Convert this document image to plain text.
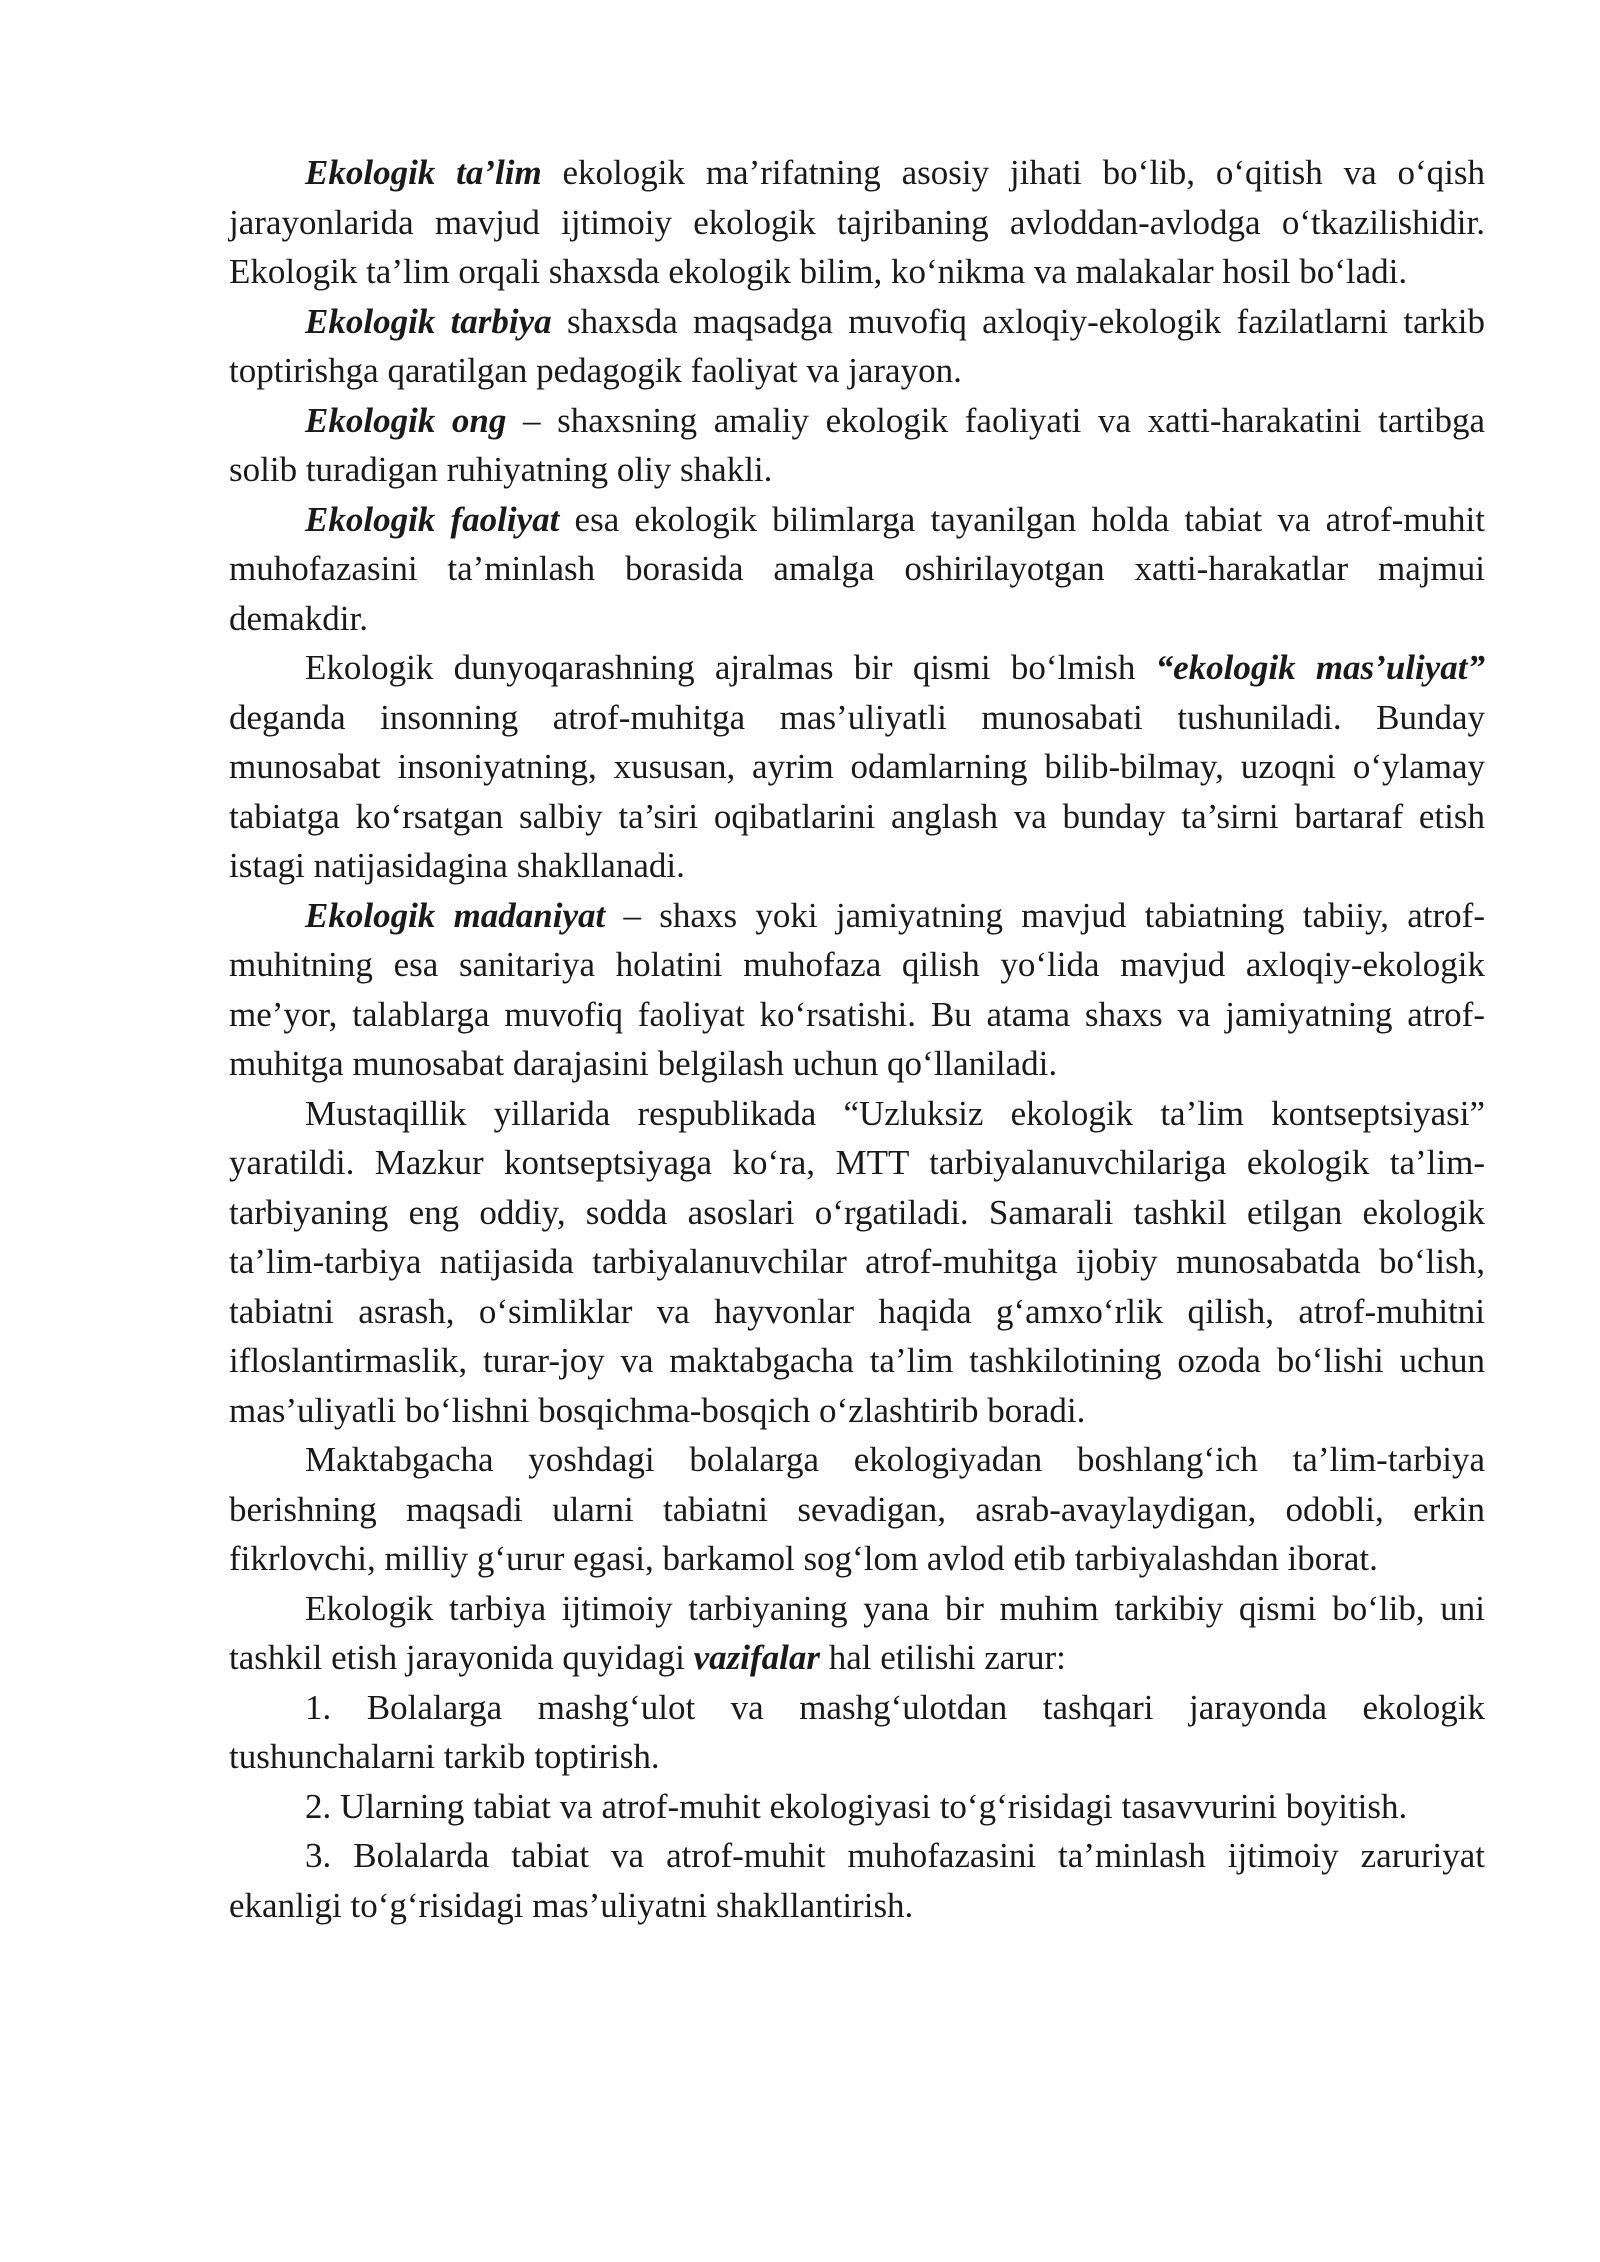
Ekologik ta’lim ekologik ma’rifatning asosiy jihati bo‘lib, o‘qitish va o‘qish jarayonlarida mavjud ijtimoiy ekologik tajribaning avloddan-avlodga o‘tkazilishidir. Ekologik ta’lim orqali shaxsda ekologik bilim, ko‘nikma va malakalar hosil bo‘ladi.

Ekologik tarbiya shaxsda maqsadga muvofiq axloqiy-ekologik fazilatlarni tarkib toptirishga qaratilgan pedagogik faoliyat va jarayon.

Ekologik ong – shaxsning amaliy ekologik faoliyati va xatti-harakatini tartibga solib turadigan ruhiyatning oliy shakli.

Ekologik faoliyat esa ekologik bilimlarga tayanilgan holda tabiat va atrof-muhit muhofazasini ta’minlash borasida amalga oshirilayotgan xatti-harakatlar majmui demakdir.

Ekologik dunyoqarashning ajralmas bir qismi bo‘lmish “ekologik mas’uliyat” deganda insonning atrof-muhitga mas’uliyatli munosabati tushuniladi. Bunday munosabat insoniyatning, xususan, ayrim odamlarning bilib-bilmay, uzoqni o‘ylamay tabiatga ko‘rsatgan salbiy ta’siri oqibatlarini anglash va bunday ta’sirni bartaraf etish istagi natijasidagina shakllanadi.

Ekologik madaniyat – shaxs yoki jamiyatning mavjud tabiatning tabiiy, atrof-muhitning esa sanitariya holatini muhofaza qilish yo‘lida mavjud axloqiy-ekologik me’yor, talablarga muvofiq faoliyat ko‘rsatishi. Bu atama shaxs va jamiyatning atrof-muhitga munosabat darajasini belgilash uchun qo‘llaniladi.

Mustaqillik yillarida respublikada “Uzluksiz ekologik ta’lim kontseptsiyasi” yaratildi. Mazkur kontseptsiyaga ko‘ra, MTT tarbiyalanuvchilariga ekologik ta’lim-tarbiyaning eng oddiy, sodda asoslari o‘rgatiladi. Samarali tashkil etilgan ekologik ta’lim-tarbiya natijasida tarbiyalanuvchilar atrof-muhitga ijobiy munosabatda bo‘lish, tabiatni asrash, o‘simliklar va hayvonlar haqida g‘amxo‘rlik qilish, atrof-muhitni ifloslantirmaslik, turar-joy va maktabgacha ta’lim tashkilotining ozoda bo‘lishi uchun mas’uliyatli bo‘lishni bosqichma-bosqich o‘zlashtirib boradi.

Maktabgacha yoshdagi bolalarga ekologiyadan boshlang‘ich ta’lim-tarbiya berishning maqsadi ularni tabiatni sevadigan, asrab-avaylaydigan, odobli, erkin fikrlovchi, milliy g‘urur egasi, barkamol sog‘lom avlod etib tarbiyalashdan iborat.

Ekologik tarbiya ijtimoiy tarbiyaning yana bir muhim tarkibiy qismi bo‘lib, uni tashkil etish jarayonida quyidagi vazifalar hal etilishi zarur:

1. Bolalarga mashg‘ulot va mashg‘ulotdan tashqari jarayonda ekologik tushunchalarni tarkib toptirish.

2. Ularning tabiat va atrof-muhit ekologiyasi to‘g‘risidagi tasavvurini boyitish.

3. Bolalarda tabiat va atrof-muhit muhofazasini ta’minlash ijtimoiy zaruriyat ekanligi to‘g‘risidagi mas’uliyatni shakllantirish.
